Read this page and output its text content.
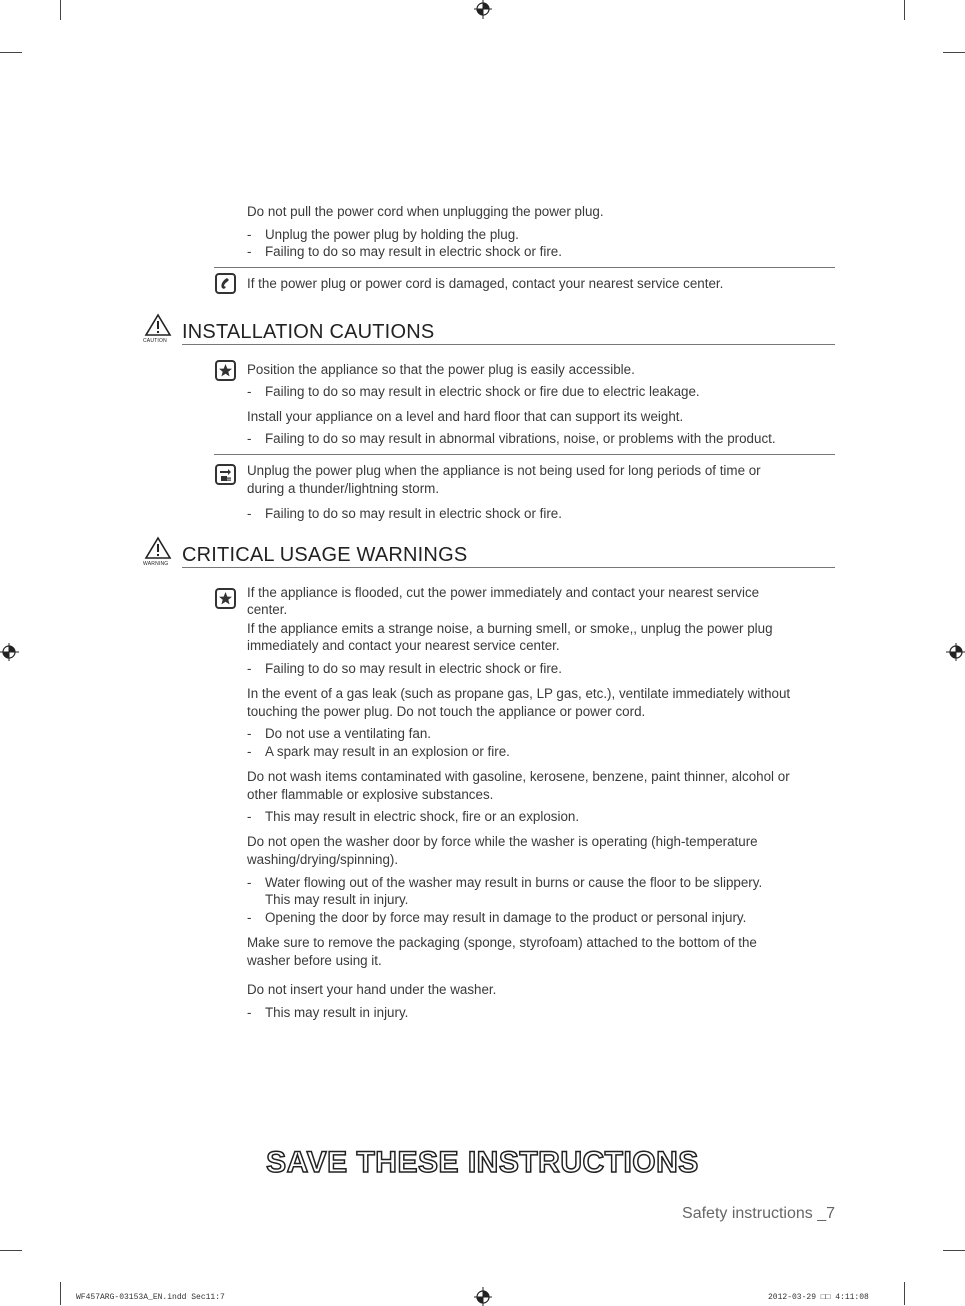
Do not pull the power cord when unplugging the power plug.
- Unplug the power plug by holding the plug.
- Failing to do so may result in electric shock or fire.
If the power plug or power cord is damaged, contact your nearest service center.
CAUTION INSTALLATION CAUTIONS
Position the appliance so that the power plug is easily accessible.
- Failing to do so may result in electric shock or fire due to electric leakage.
Install your appliance on a level and hard floor that can support its weight.
- Failing to do so may result in abnormal vibrations, noise, or problems with the product.
Unplug the power plug when the appliance is not being used for long periods of time or
during a thunder/lightning storm.
- Failing to do so may result in electric shock or fire.
WARNING CRITICAL USAGE WARNINGS
If the appliance is flooded, cut the power immediately and contact your nearest service
center.
If the appliance emits a strange noise, a burning smell, or smoke,, unplug the power plug
immediately and contact your nearest service center.
- Failing to do so may result in electric shock or fire.
In the event of a gas leak (such as propane gas, LP gas, etc.), ventilate immediately without
touching the power plug. Do not touch the appliance or power cord.
- Do not use a ventilating fan.
- A spark may result in an explosion or fire.
Do not wash items contaminated with gasoline, kerosene, benzene, paint thinner, alcohol or
other flammable or explosive substances.
- This may result in electric shock, fire or an explosion.
Do not open the washer door by force while the washer is operating (high-temperature
washing/drying/spinning).
- Water flowing out of the washer may result in burns or cause the floor to be slippery.
This may result in injury.
- Opening the door by force may result in damage to the product or personal injury.
Make sure to remove the packaging (sponge, styrofoam) attached to the bottom of the
washer before using it.
Do not insert your hand under the washer.
- This may result in injury.
SAVE THESE INSTRUCTIONS
Safety instructions _7
WF457ARG-03153A_EN.indd Sec11:7	2012-03-29 □□ 4:11:08
